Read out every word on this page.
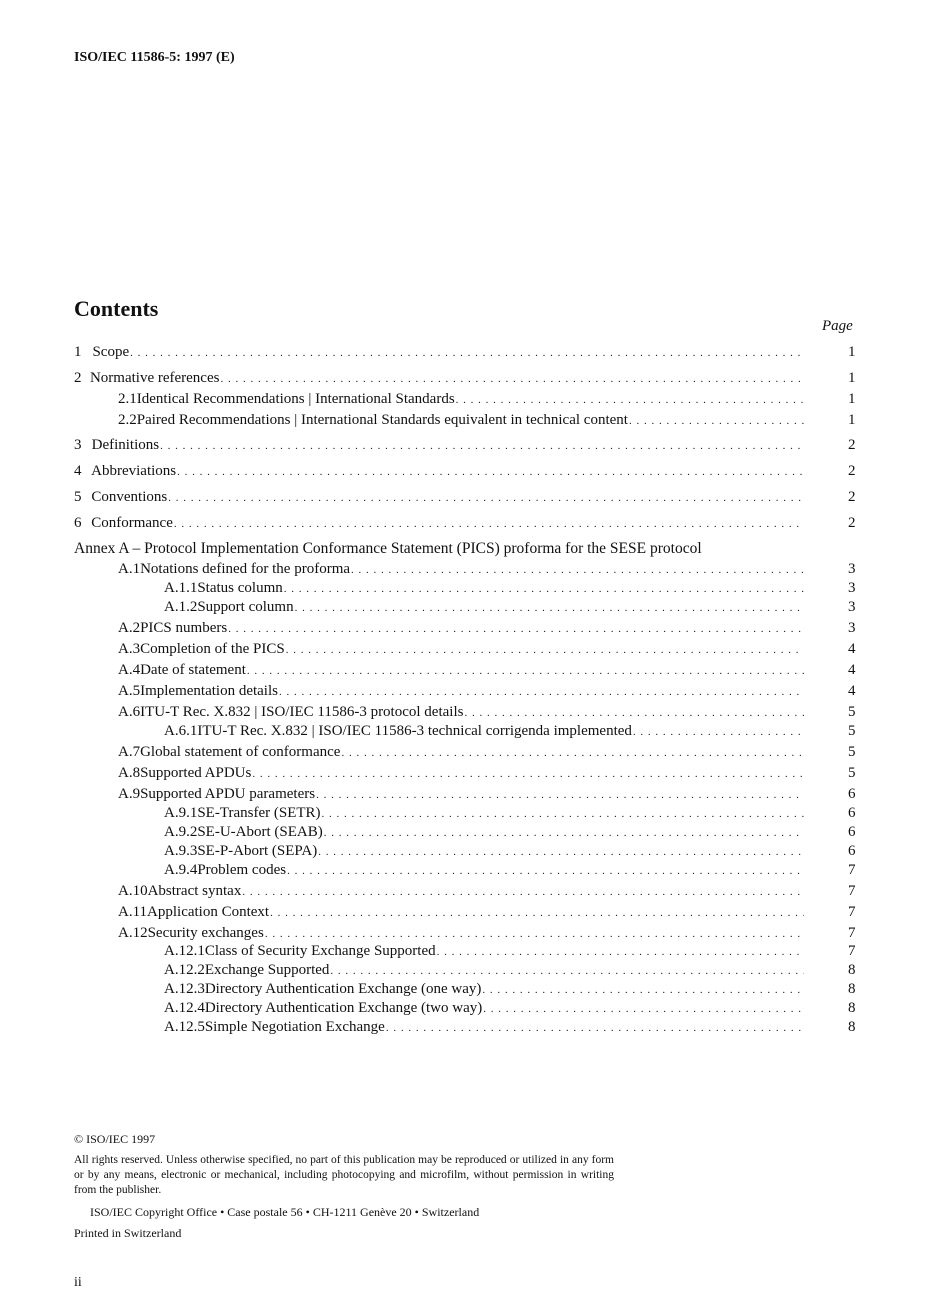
ISO/IEC 11586-5: 1997 (E)
Contents
Page
1 Scope . . .	1
2 Normative references . . .	1
2.1 Identical Recommendations | International Standards . . .	1
2.2 Paired Recommendations | International Standards equivalent in technical content . . .	1
3 Definitions . . .	2
4 Abbreviations . . .	2
5 Conventions . . .	2
6 Conformance . . .	2
Annex A – Protocol Implementation Conformance Statement (PICS) proforma for the SESE protocol
A.1 Notations defined for the proforma . . .	3
A.1.1 Status column . . .	3
A.1.2 Support column . . .	3
A.2 PICS numbers . . .	3
A.3 Completion of the PICS . . .	4
A.4 Date of statement . . .	4
A.5 Implementation details . . .	4
A.6 ITU-T Rec. X.832 | ISO/IEC 11586-3 protocol details . . .	5
A.6.1 ITU-T Rec. X.832 | ISO/IEC 11586-3 technical corrigenda implemented . . .	5
A.7 Global statement of conformance . . .	5
A.8 Supported APDUs . . .	5
A.9 Supported APDU parameters . . .	6
A.9.1 SE-Transfer (SETR) . . .	6
A.9.2 SE-U-Abort (SEAB) . . .	6
A.9.3 SE-P-Abort (SEPA) . . .	6
A.9.4 Problem codes . . .	7
A.10 Abstract syntax . . .	7
A.11 Application Context . . .	7
A.12 Security exchanges . . .	7
A.12.1 Class of Security Exchange Supported . . .	7
A.12.2 Exchange Supported . . .	8
A.12.3 Directory Authentication Exchange (one way) . . .	8
A.12.4 Directory Authentication Exchange (two way) . . .	8
A.12.5 Simple Negotiation Exchange . . .	8
© ISO/IEC 1997
All rights reserved. Unless otherwise specified, no part of this publication may be reproduced or utilized in any form or by any means, electronic or mechanical, including photocopying and microfilm, without permission in writing from the publisher.
ISO/IEC Copyright Office • Case postale 56 • CH-1211 Genève 20 • Switzerland
Printed in Switzerland
ii
